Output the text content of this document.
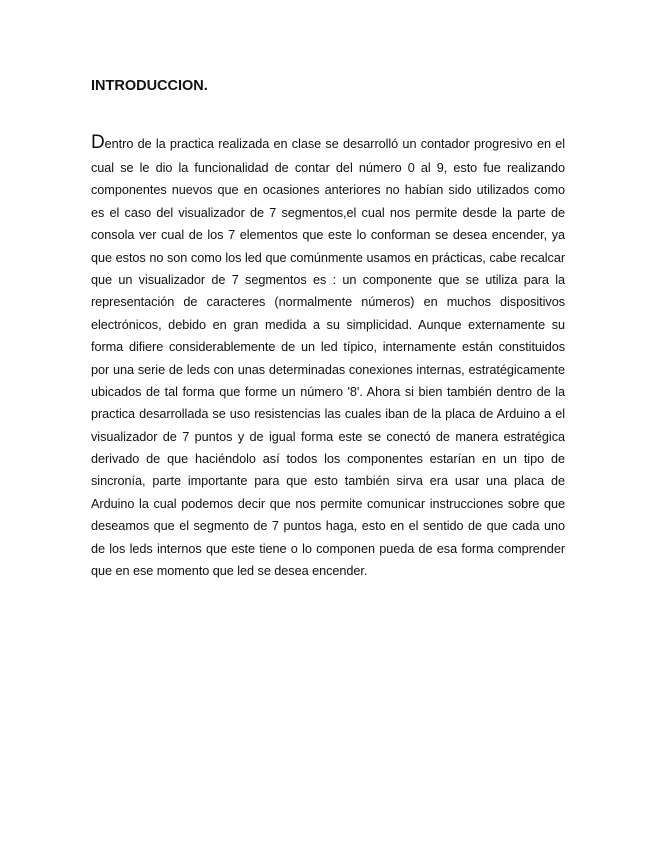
INTRODUCCION.
Dentro de la practica realizada en clase se desarrolló un contador progresivo en el
cual se le dio la funcionalidad de contar del número 0 al 9, esto fue realizando
componentes nuevos que en ocasiones anteriores no habían sido utilizados como
es el caso del visualizador de 7 segmentos,el cual nos permite desde la parte de
consola ver cual de los 7 elementos que este lo conforman se desea encender, ya
que estos no son como los led que comúnmente usamos en prácticas, cabe recalcar
que un visualizador de 7 segmentos es : un componente que se utiliza para la
representación de caracteres (normalmente números) en muchos dispositivos
electrónicos, debido en gran medida a su simplicidad. Aunque externamente su
forma difiere considerablemente de un led típico, internamente están constituidos
por una serie de leds con unas determinadas conexiones internas, estratégicamente
ubicados de tal forma que forme un número '8'. Ahora si bien también dentro de la
practica desarrollada se uso resistencias las cuales iban de la placa de Arduino a el
visualizador de 7 puntos y de igual forma este se conectó de manera estratégica
derivado de que haciéndolo así todos los componentes estarían en un tipo de
sincronía, parte importante para que esto también sirva era usar una placa de
Arduino la cual podemos decir que nos permite comunicar instrucciones sobre que
deseamos que el segmento de 7 puntos haga, esto en el sentido de que cada uno
de los leds internos que este tiene o lo componen pueda de esa forma comprender
que en ese momento que led se desea encender.
